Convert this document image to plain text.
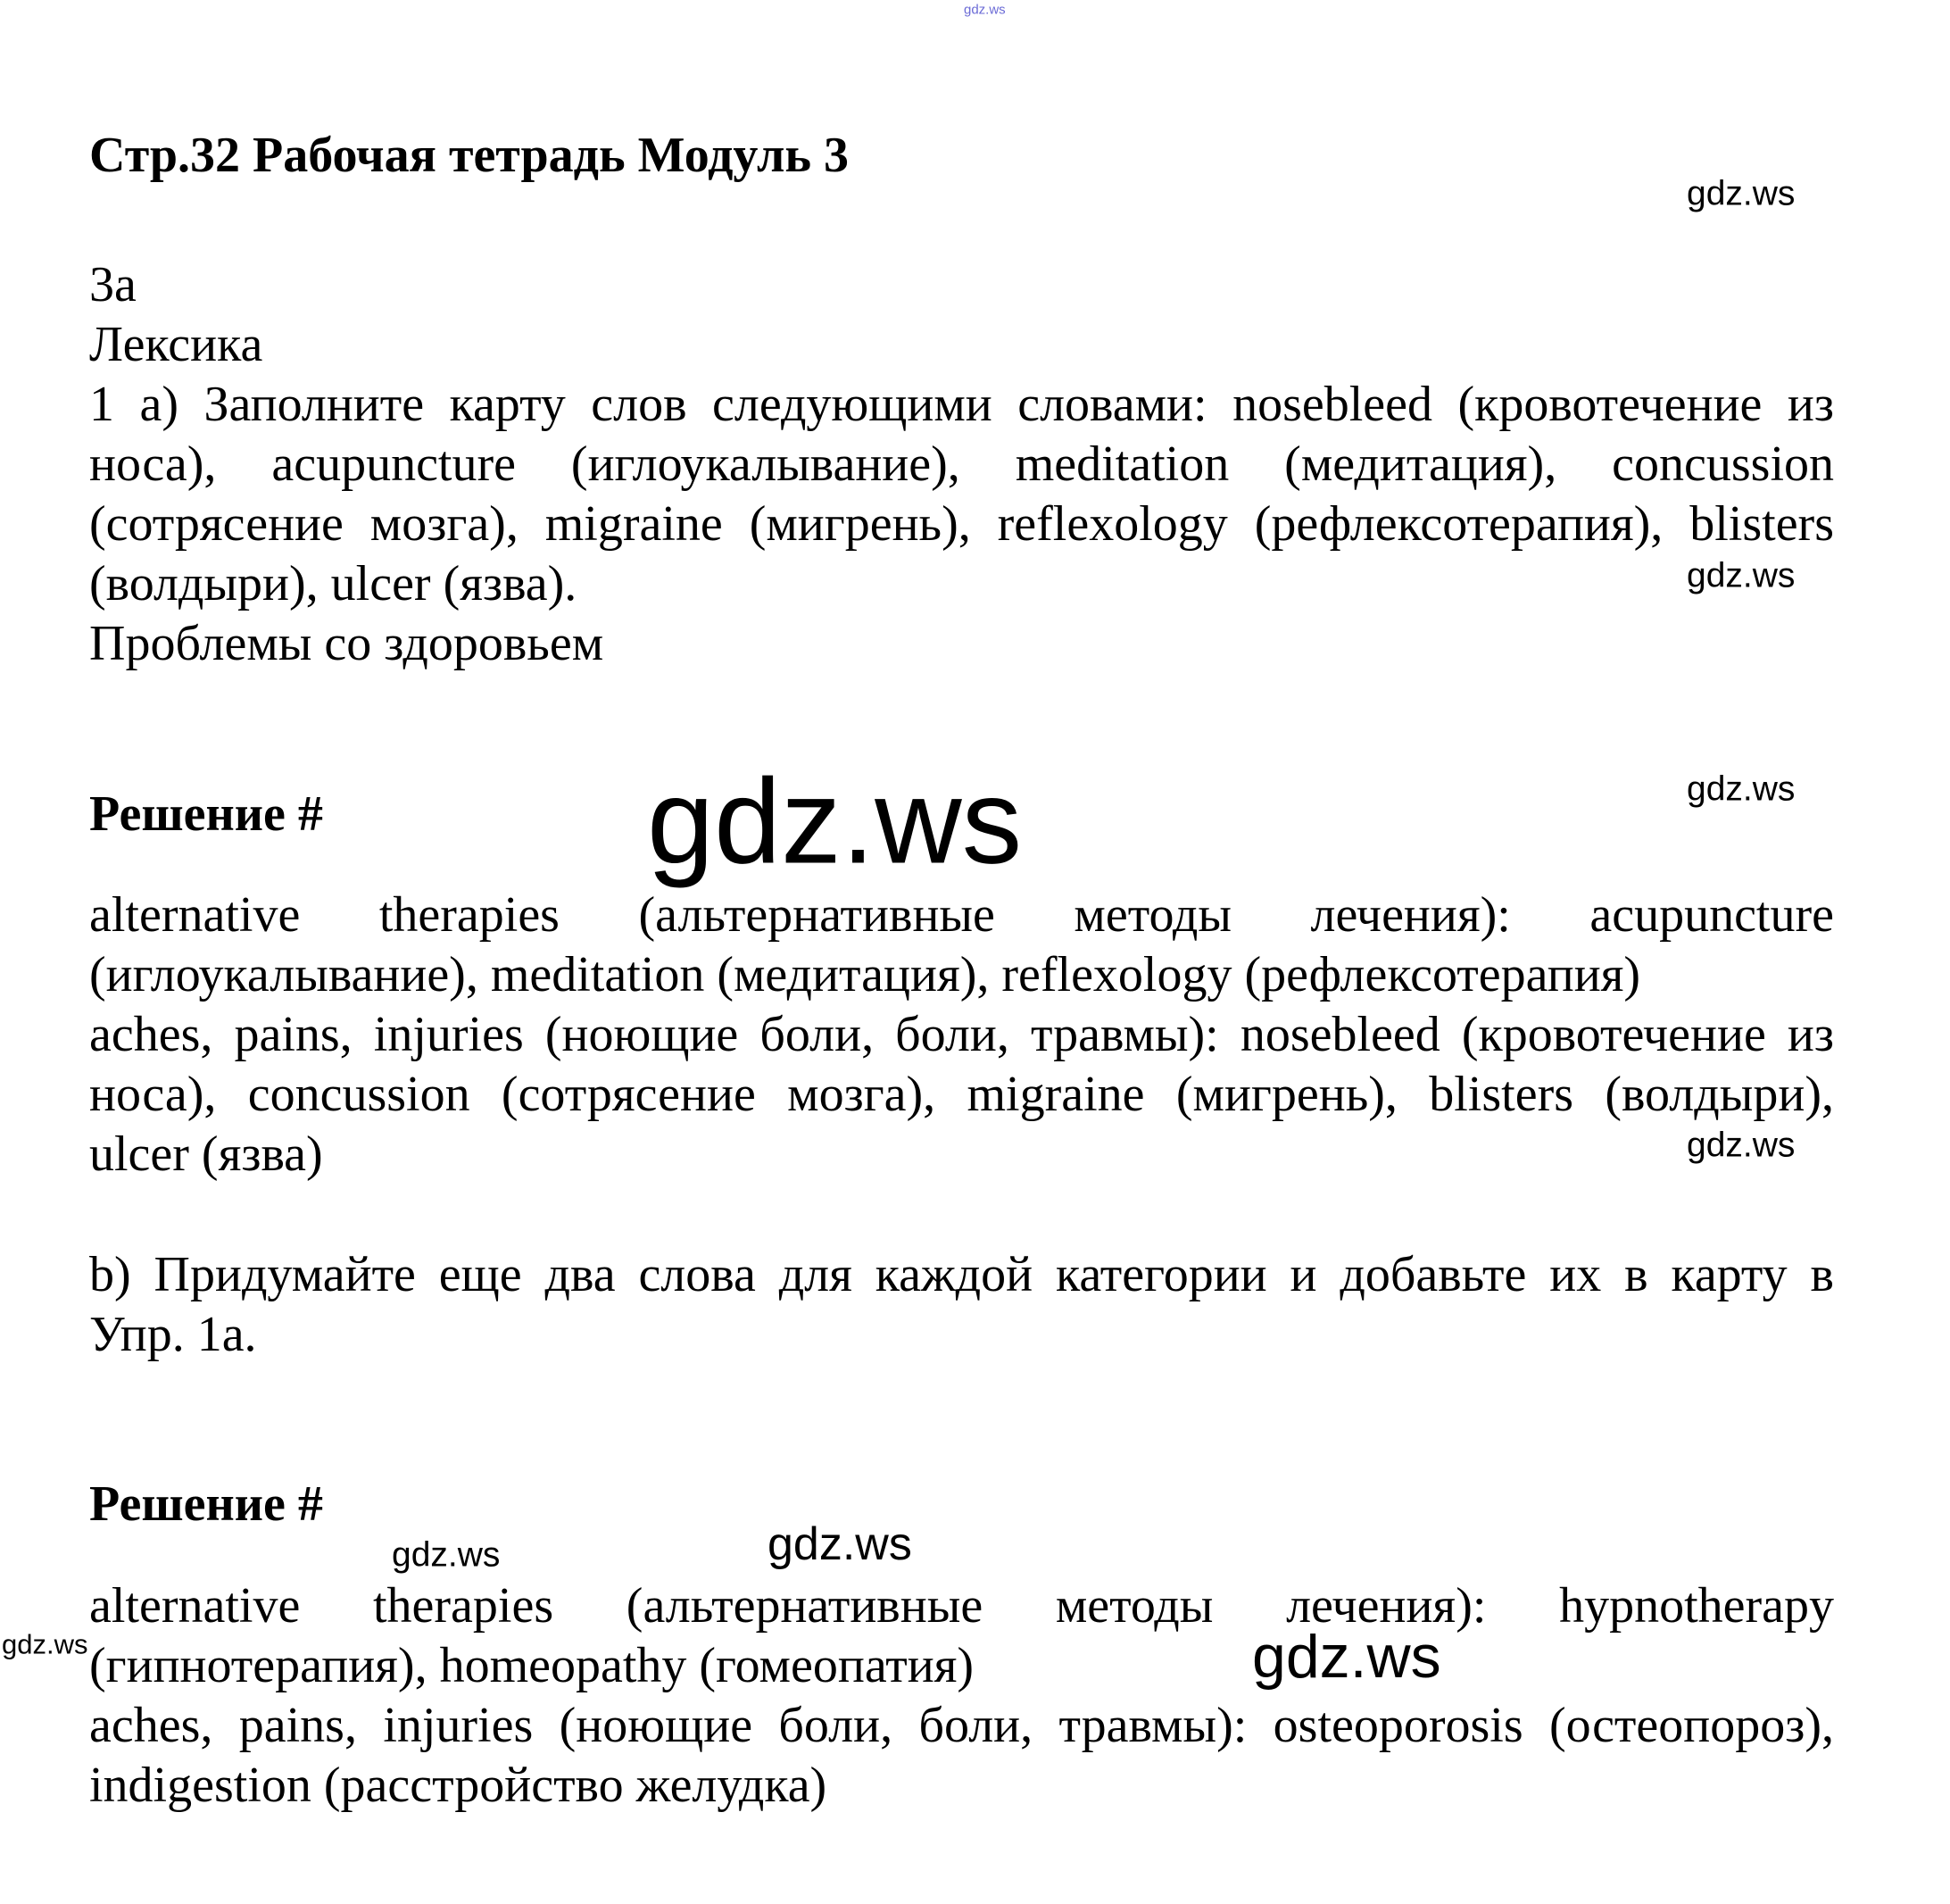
gdz.ws
Стр.32 Рабочая тетрадь Модуль 3
3a
Лексика
1 а) Заполните карту слов следующими словами: nosebleed (кровотечение из
носа), acupuncture (иглоукалывание), meditation (медитация), concussion
(сотрясение мозга), migraine (мигрень), reflexology (рефлексотерапия), blisters
(волдыри), ulcer (язва).
Проблемы со здоровьем
Решение #
alternative therapies (альтернативные методы лечения): acupuncture
(иглоукалывание), meditation (медитация), reflexology (рефлексотерапия)
aches, pains, injuries (ноющие боли, боли, травмы): nosebleed (кровотечение из
носа), concussion (сотрясение мозга), migraine (мигрень), blisters (волдыри),
ulcer (язва)
b) Придумайте еще два слова для каждой категории и добавьте их в карту в
Упр. 1a.
Решение #
alternative therapies (альтернативные методы лечения): hypnotherapy
(гипнотерапия), homeopathy (гомеопатия)
aches, pains, injuries (ноющие боли, боли, травмы): osteoporosis (остеопороз),
indigestion (расстройство желудка)
gdz.ws
gdz.ws
gdz.ws
gdz.ws
gdz.ws
gdz.ws	gdz.ws
gdz.ws	gdz.ws
